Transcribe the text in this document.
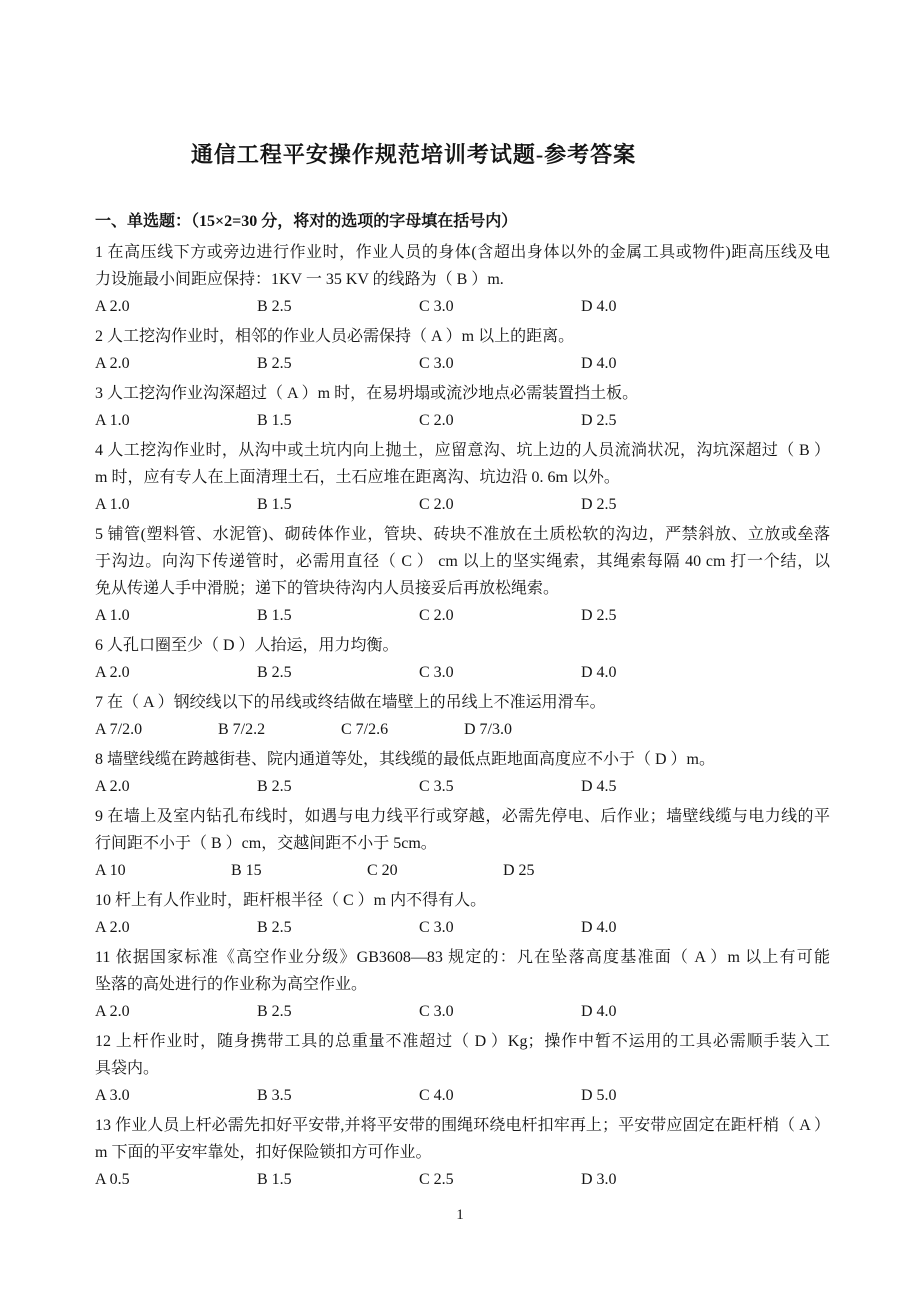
通信工程平安操作规范培训考试题-参考答案
一、单选题：（15×2=30 分，将对的选项的字母填在括号内）
1 在高压线下方或旁边进行作业时，作业人员的身体(含超出身体以外的金属工具或物件)距高压线及电
力设施最小间距应保持：1KV 一 35 KV 的线路为（ B ）m.
A 2.0	B 2.5	C 3.0	D 4.0
2 人工挖沟作业时，相邻的作业人员必需保持（ A ）m 以上的距离。
A 2.0	B 2.5	C 3.0	D 4.0
3 人工挖沟作业沟深超过（ A ）m 时，在易坍塌或流沙地点必需装置挡土板。
A 1.0	B 1.5	C 2.0	D 2.5
4 人工挖沟作业时，从沟中或土坑内向上抛土，应留意沟、坑上边的人员流淌状况，沟坑深超过（ B ）
m 时，应有专人在上面清理土石，土石应堆在距离沟、坑边沿 0. 6m 以外。
A 1.0	B 1.5	C 2.0	D 2.5
5 铺管(塑料管、水泥管)、砌砖体作业，管块、砖块不准放在土质松软的沟边，严禁斜放、立放或垒落
于沟边。向沟下传递管时，必需用直径（ C ） cm 以上的坚实绳索，其绳索每隔 40 cm 打一个结，以
免从传递人手中滑脱；递下的管块待沟内人员接妥后再放松绳索。
A 1.0	B 1.5	C 2.0	D 2.5
6 人孔口圈至少（ D ）人抬运，用力均衡。
A 2.0	B 2.5	C 3.0	D 4.0
7 在（ A ）钢绞线以下的吊线或终结做在墙壁上的吊线上不准运用滑车。
A 7/2.0	B 7/2.2	C 7/2.6	D 7/3.0
8 墙壁线缆在跨越街巷、院内通道等处，其线缆的最低点距地面高度应不小于（ D ）m。
A 2.0	B 2.5	C 3.5	D 4.5
9 在墙上及室内钻孔布线时，如遇与电力线平行或穿越，必需先停电、后作业；墙壁线缆与电力线的平
行间距不小于（ B ）cm，交越间距不小于 5cm。
A 10	B 15	C 20	D 25
10 杆上有人作业时，距杆根半径（ C ）m 内不得有人。
A 2.0	B 2.5	C 3.0	D 4.0
11 依据国家标准《高空作业分级》GB3608—83 规定的：凡在坠落高度基准面（ A ）m 以上有可能
坠落的高处进行的作业称为高空作业。
A 2.0	B 2.5	C 3.0	D 4.0
12 上杆作业时，随身携带工具的总重量不准超过（ D ）Kg；操作中暂不运用的工具必需顺手装入工
具袋内。
A 3.0	B 3.5	C 4.0	D 5.0
13 作业人员上杆必需先扣好平安带,并将平安带的围绳环绕电杆扣牢再上；平安带应固定在距杆梢（ A ）
m 下面的平安牢靠处，扣好保险锁扣方可作业。
A 0.5	B 1.5	C 2.5	D 3.0
1
